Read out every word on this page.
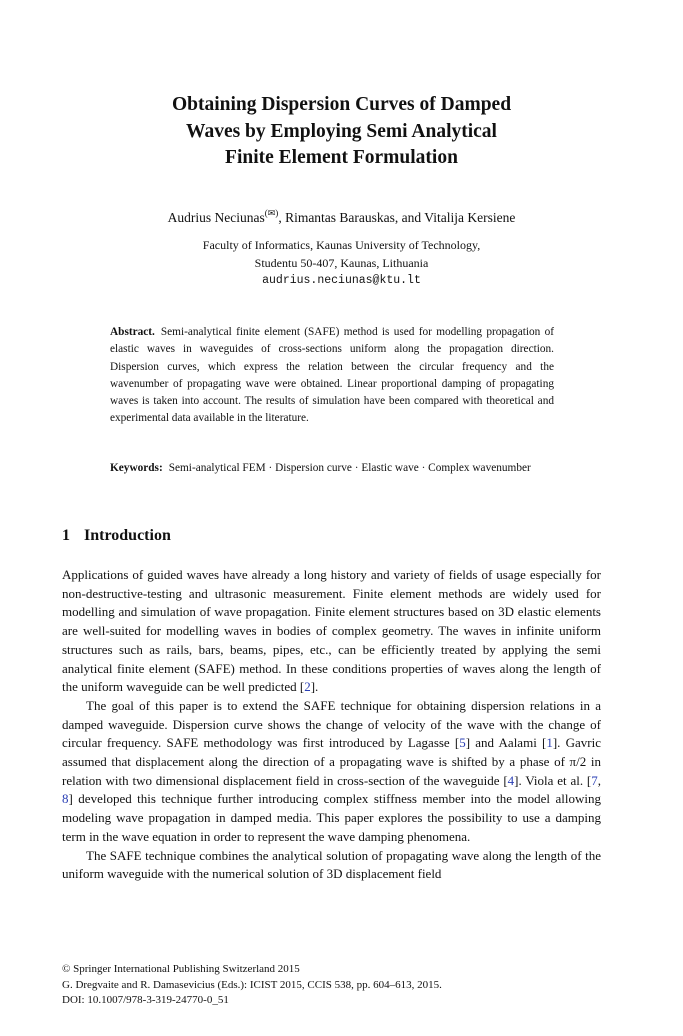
Obtaining Dispersion Curves of Damped
Waves by Employing Semi Analytical
Finite Element Formulation
Audrius Neciunas(✉), Rimantas Barauskas, and Vitalija Kersiene
Faculty of Informatics, Kaunas University of Technology,
Studentu 50-407, Kaunas, Lithuania
audrius.neciunas@ktu.lt
Abstract. Semi-analytical finite element (SAFE) method is used for modelling propagation of elastic waves in waveguides of cross-sections uniform along the propagation direction. Dispersion curves, which express the relation between the circular frequency and the wavenumber of propagating wave were obtained. Linear proportional damping of propagating waves is taken into account. The results of simulation have been compared with theoretical and experimental data available in the literature.
Keywords: Semi-analytical FEM · Dispersion curve · Elastic wave · Complex wavenumber
1 Introduction

Applications of guided waves have already a long history and variety of fields of usage especially for non-destructive-testing and ultrasonic measurement. Finite element methods are widely used for modelling and simulation of wave propagation. Finite element structures based on 3D elastic elements are well-suited for modelling waves in bodies of complex geometry. The waves in infinite uniform structures such as rails, bars, beams, pipes, etc., can be efficiently treated by applying the semi analytical finite element (SAFE) method. In these conditions properties of waves along the length of the uniform waveguide can be well predicted [2].

The goal of this paper is to extend the SAFE technique for obtaining dispersion relations in a damped waveguide. Dispersion curve shows the change of velocity of the wave with the change of circular frequency. SAFE methodology was first introduced by Lagasse [5] and Aalami [1]. Gavric assumed that displacement along the direction of a propagating wave is shifted by a phase of π/2 in relation with two dimensional displacement field in cross-section of the waveguide [4]. Viola et al. [7, 8] developed this technique further introducing complex stiffness member into the model allowing modeling wave propagation in damped media. This paper explores the possibility to use a damping term in the wave equation in order to represent the wave damping phenomena.

The SAFE technique combines the analytical solution of propagating wave along the length of the uniform waveguide with the numerical solution of 3D displacement field

© Springer International Publishing Switzerland 2015
G. Dregvaite and R. Damasevicius (Eds.): ICIST 2015, CCIS 538, pp. 604–613, 2015.
DOI: 10.1007/978-3-319-24770-0_51
